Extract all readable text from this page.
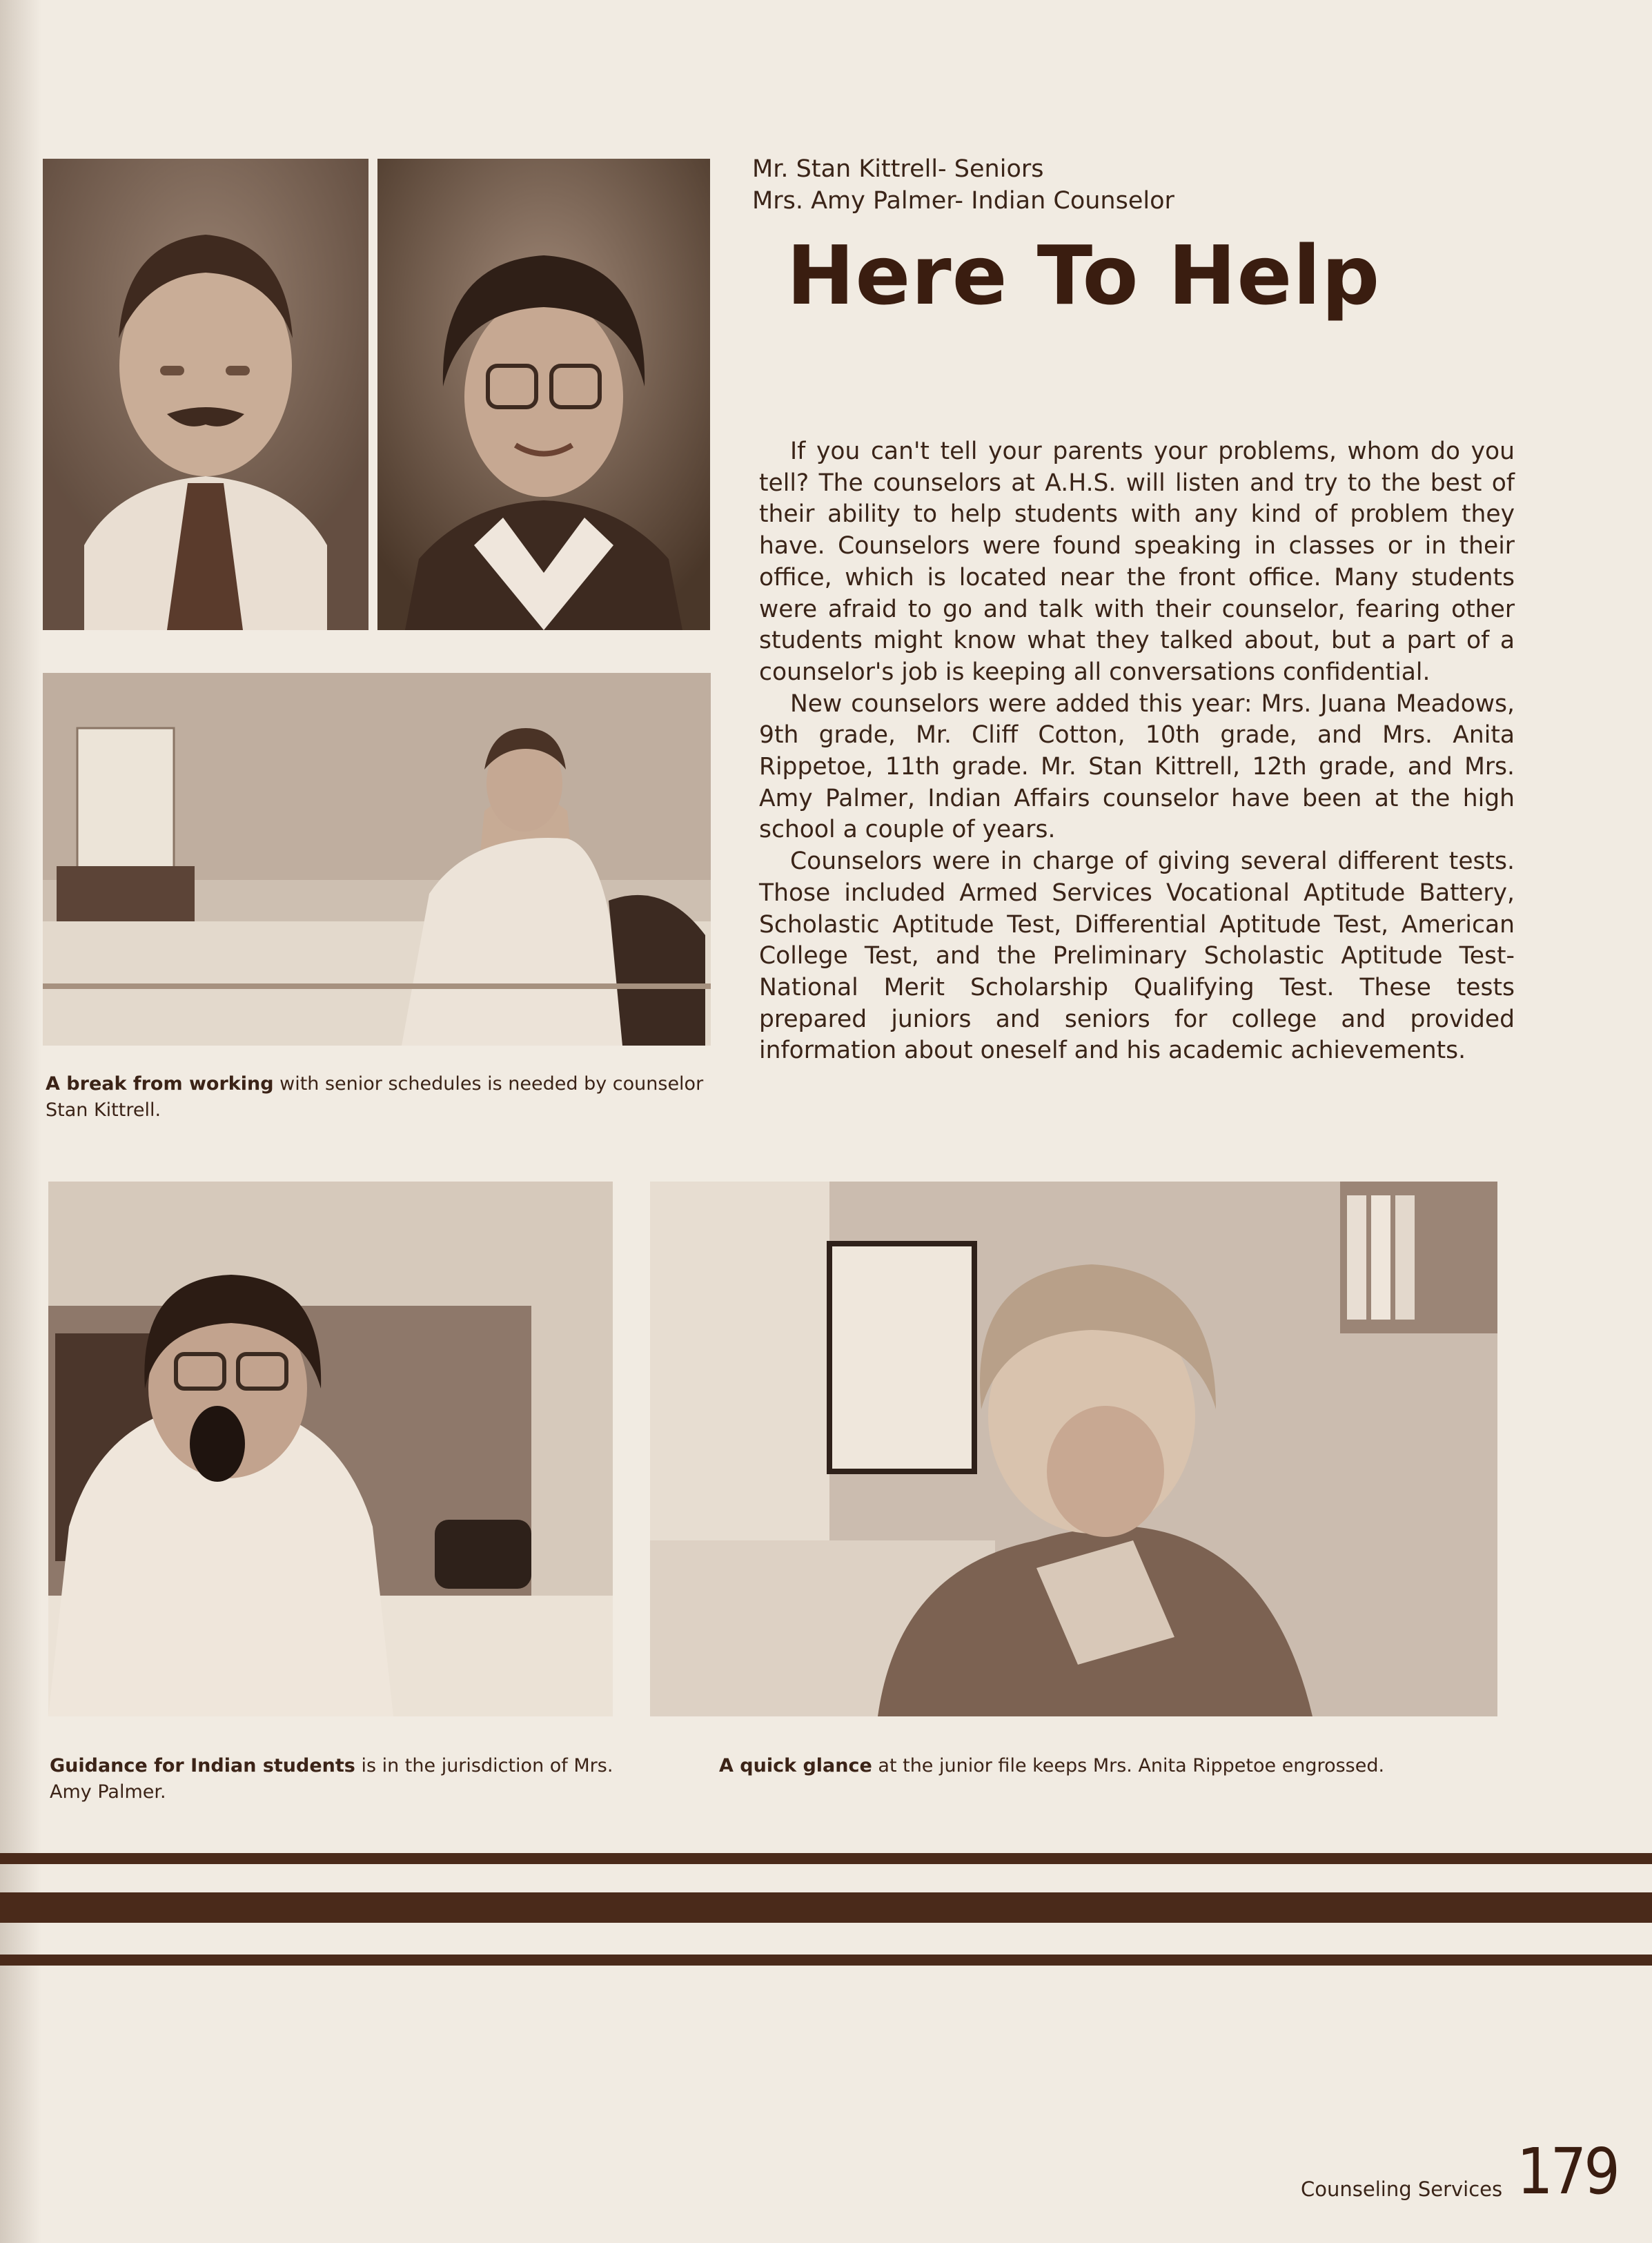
A break from working with senior schedules is needed by counselor Stan Kittrell.
Mr. Stan Kittrell- Seniors
Mrs. Amy Palmer- Indian Counselor
Here To Help

If you can't tell your parents your problems, whom do you tell? The counselors at A.H.S. will listen and try to the best of their ability to help students with any kind of problem they have. Counselors were found speaking in classes or in their office, which is located near the front office. Many students were afraid to go and talk with their counselor, fearing other students might know what they talked about, but a part of a counselor's job is keeping all conversations confidential.

New counselors were added this year: Mrs. Juana Meadows, 9th grade, Mr. Cliff Cotton, 10th grade, and Mrs. Anita Rippetoe, 11th grade. Mr. Stan Kittrell, 12th grade, and Mrs. Amy Palmer, Indian Affairs counselor have been at the high school a couple of years.

Counselors were in charge of giving several different tests. Those included Armed Services Vocational Aptitude Battery, Scholastic Aptitude Test, Differential Aptitude Test, American College Test, and the Preliminary Scholastic Aptitude Test-National Merit Scholarship Qualifying Test. These tests prepared juniors and seniors for college and provided information about oneself and his academic achievements.

Guidance for Indian students is in the jurisdiction of Mrs. Amy Palmer.
A quick glance at the junior file keeps Mrs. Anita Rippetoe engrossed.
Counseling Services 179
